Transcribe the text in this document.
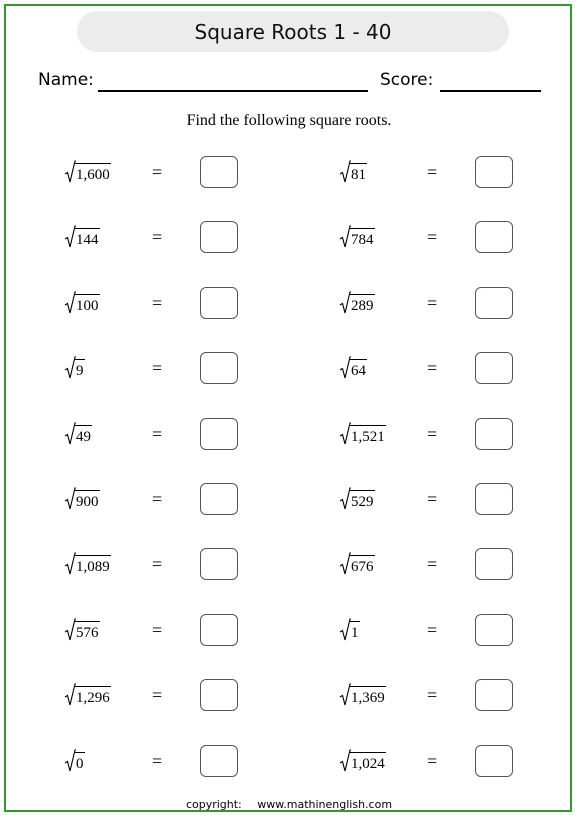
Square Roots 1 - 40
Name:	Score:
Find the following square roots.
1,600 =
144	=
100	=
9	=
49	=
900	=
1,089 =
576	=
1,296 =
0	=
81	=
784	=
289	=
64	=
1,521 =
529	=
676	=
1	=
1,369 =
1,024 =
copyright: www.mathinenglish.com
